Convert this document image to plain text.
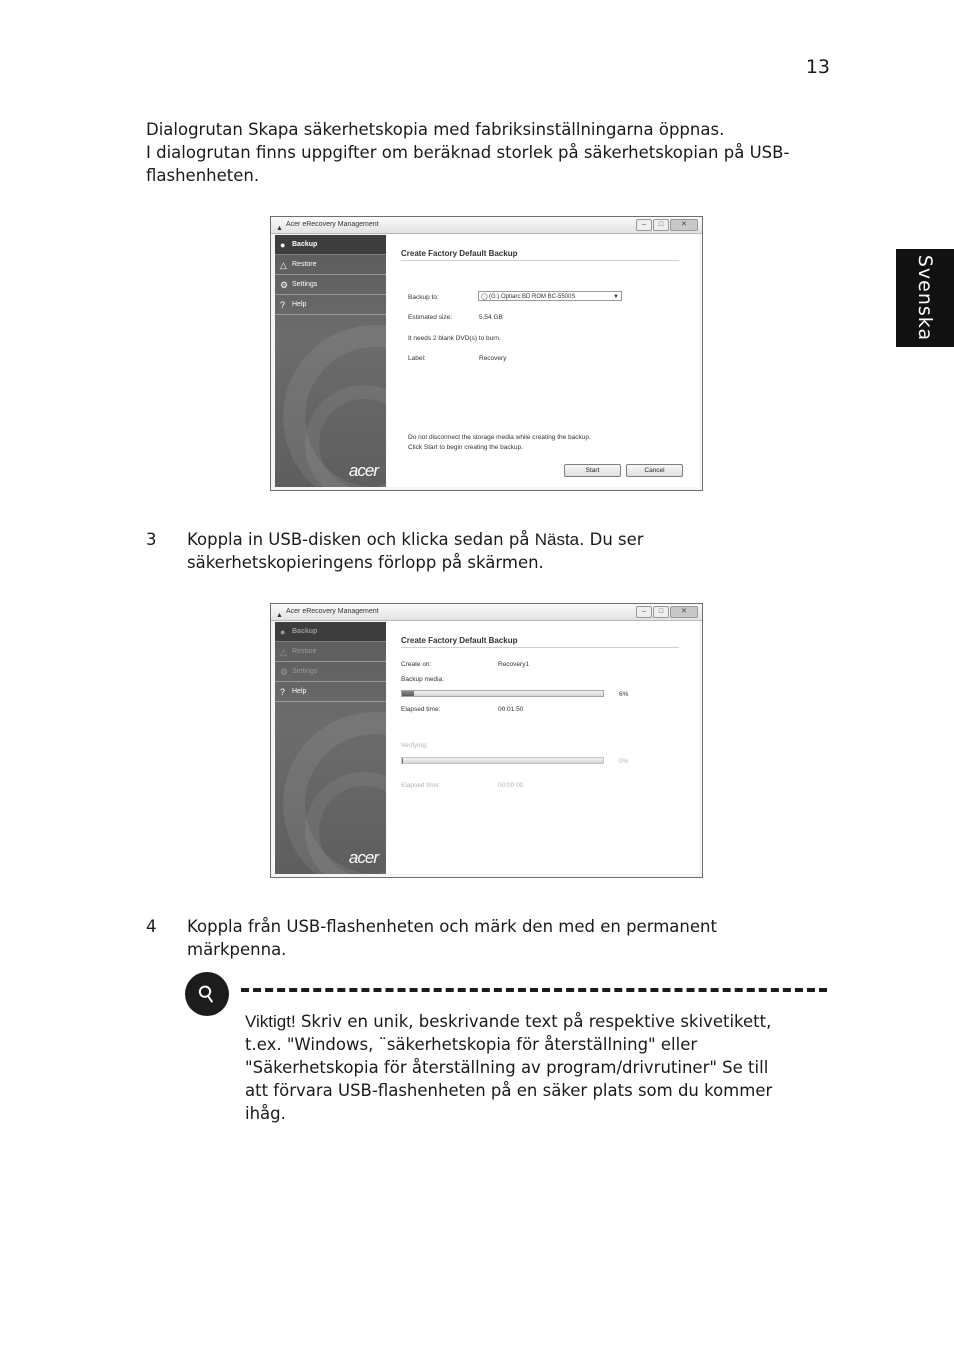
13
Svenska
Dialogrutan Skapa säkerhetskopia med fabriksinställningarna öppnas.
I dialogrutan finns uppgifter om beräknad storlek på säkerhetskopian på USB-
flashenheten.
▲
Acer eRecovery Management	–	□	✕
● Backup
△ Restore
⚙ Settings
? Help
acer
Create Factory Default Backup
Backup to:	◯ (G:) Optiarc BD ROM BC-5500S	▼
Estimated size:	5.54 GB
It needs 2 blank DVD(s) to burn.
Label:	Recovery
Do not disconnect the storage media while creating the backup.
Click Start to begin creating the backup.
Start	Cancel
3 Koppla in USB-disken och klicka sedan på Nästa. Du ser
säkerhetskopieringens förlopp på skärmen.
▲
Acer eRecovery Management	–	□	✕
● Backup
△ Restore
⚙ Settings
? Help
acer
Create Factory Default Backup
Create on:	Recovery1
Backup media:
6%
Elapsed time:	00:01:50
Verifying:
0%
Elapsed time:	00:00:00
4 Koppla från USB-flashenheten och märk den med en permanent
märkpenna.
⚲
Viktigt! Skriv en unik, beskrivande text på respektive skivetikett,
t.ex. "Windows, ¨säkerhetskopia för återställning" eller
"Säkerhetskopia för återställning av program/drivrutiner" Se till
att förvara USB-flashenheten på en säker plats som du kommer
ihåg.
